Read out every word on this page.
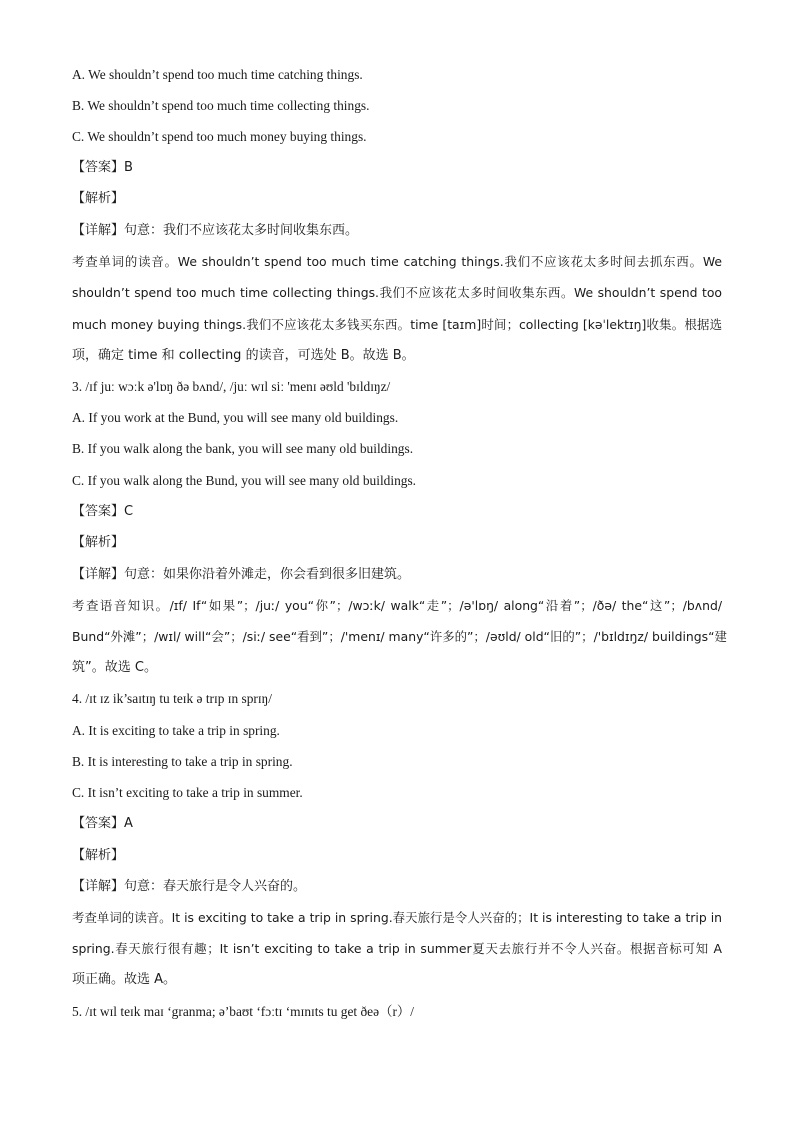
A. We shouldn’t spend too much time catching things.
B. We shouldn’t spend too much time collecting things.
C. We shouldn’t spend too much money buying things.
【答案】B
【解析】
【详解】句意：我们不应该花太多时间收集东西。
考查单词的读音。We shouldn’t spend too much time catching things.我们不应该花太多时间去抓东西。We
shouldn’t spend too much time collecting things.我们不应该花太多时间收集东西。We shouldn’t spend too
much money buying things.我们不应该花太多钱买东西。time [taɪm]时间；collecting [kəˈlektɪŋ]收集。根据选
项，确定 time 和 collecting 的读音，可选处 B。故选 B。
3. /ɪf juː wɔːk ə'lɒŋ ðə bʌnd/, /juː wɪl siː 'menɪ əʊld 'bɪldɪŋz/
A. If you work at the Bund, you will see many old buildings.
B. If you walk along the bank, you will see many old buildings.
C. If you walk along the Bund, you will see many old buildings.
【答案】C
【解析】
【详解】句意：如果你沿着外滩走，你会看到很多旧建筑。
考查语音知识。/ɪf/ If“如果”；/juː/ you“你”；/wɔːk/ walk“走”；/ə'lɒŋ/ along“沿着”；/ðə/ the“这”；/bʌnd/
Bund“外滩”；/wɪl/ will“会”；/siː/ see“看到”；/'menɪ/ many“许多的”；/əʊld/ old“旧的”；/'bɪldɪŋz/ buildings“建
筑”。故选 C。
4. /ɪt ɪz ik’saɪtɪŋ tu teɪk ə trɪp ɪn sprɪŋ/
A. It is exciting to take a trip in spring.
B. It is interesting to take a trip in spring.
C. It isn’t exciting to take a trip in summer.
【答案】A
【解析】
【详解】句意：春天旅行是令人兴奋的。
考查单词的读音。It is exciting to take a trip in spring.春天旅行是令人兴奋的；It is interesting to take a trip in
spring.春天旅行很有趣；It isn’t exciting to take a trip in summer夏天去旅行并不令人兴奋。根据音标可知 A
项正确。故选 A。
5. /ɪt wɪl teɪk maɪ ‘granma; ə’baʊt ‘fɔːtɪ ‘mɪnɪts tu get ðeə（r）/
